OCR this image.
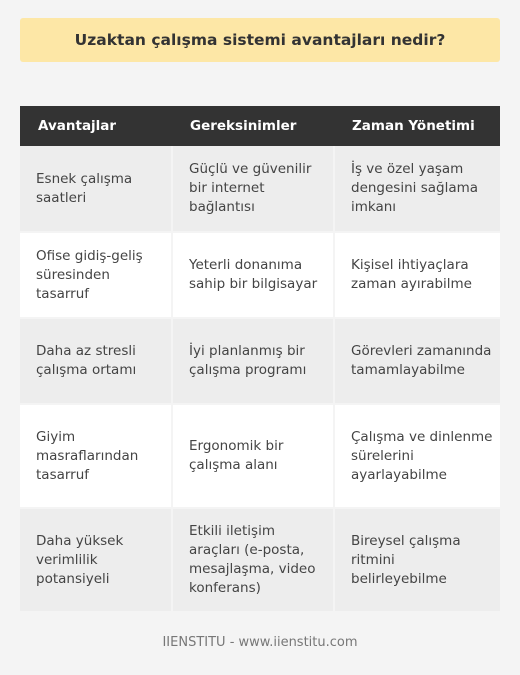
Uzaktan çalışma sistemi avantajları nedir?
Avantajlar	Gereksinimler	Zaman Yönetimi
Esnek çalışma saatleri	Güçlü ve güvenilir bir internet bağlantısı	İş ve özel yaşam dengesini sağlama imkanı
Ofise gidiş-geliş süresinden tasarruf	Yeterli donanıma sahip bir bilgisayar	Kişisel ihtiyaçlara zaman ayırabilme
Daha az stresli çalışma ortamı	İyi planlanmış bir çalışma programı	Görevleri zamanında tamamlayabilme
Giyim masraflarından tasarruf	Ergonomik bir çalışma alanı	Çalışma ve dinlenme sürelerini ayarlayabilme
Daha yüksek verimlilik potansiyeli	Etkili iletişim araçları (e-posta, mesajlaşma, video konferans)	Bireysel çalışma ritmini belirleyebilme
IIENSTITU - www.iienstitu.com
